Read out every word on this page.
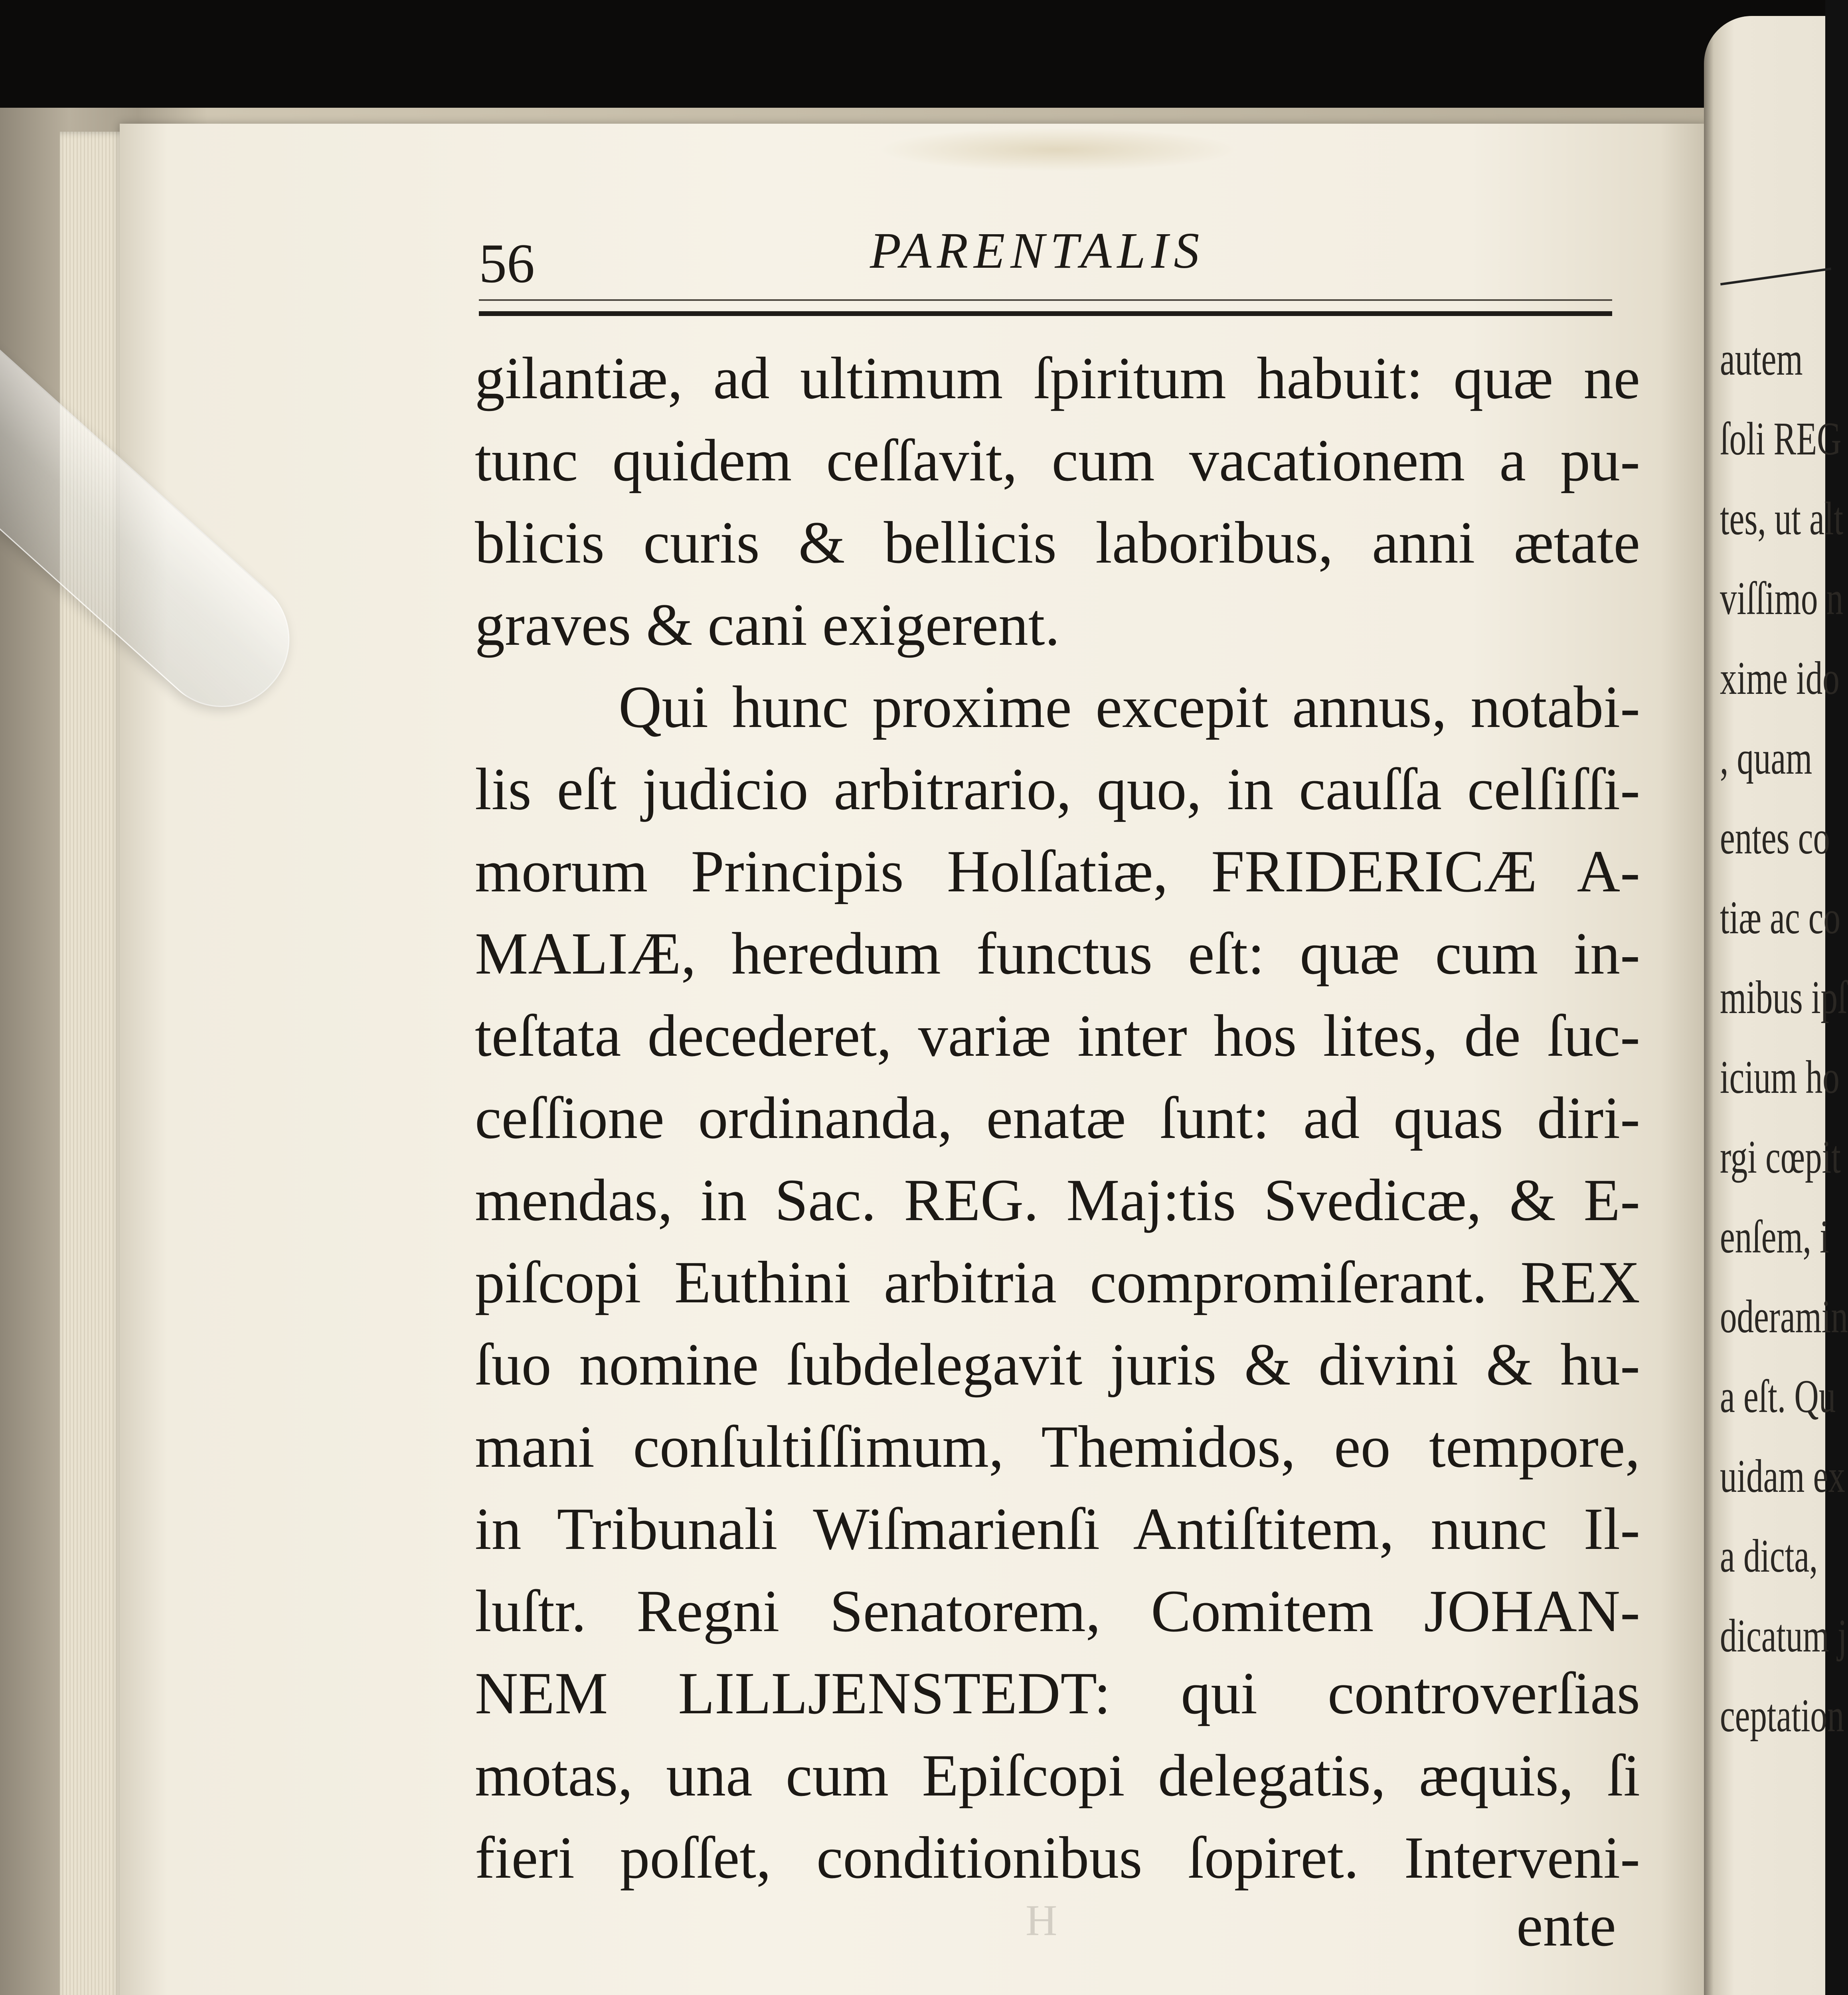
autem
ſoli REG
tes, ut alt
viſſimo n
xime ido
, quam
entes co
tiæ ac co
mibus ipſ
icium ho
rgi cœpit
enſem, i
oderamin
a eſt. Qu
uidam ex
a dicta,
dicatum j
ceptation
56	PARENTALIS
gilantiæ, ad ultimum ſpiritum habuit: quæ ne
tunc quidem ceſſavit, cum vacationem a pu-
blicis curis & bellicis laboribus, anni ætate
graves & cani exigerent.
Qui hunc proxime excepit annus, notabi-
lis eſt judicio arbitrario, quo, in cauſſa celſiſſi-
morum Principis Holſatiæ, FRIDERICÆ A-
MALIÆ, heredum functus eſt: quæ cum in-
teſtata decederet, variæ inter hos lites, de ſuc-
ceſſione ordinanda, enatæ ſunt: ad quas diri-
mendas, in Sac. REG. Maj:tis Svedicæ, & E-
piſcopi Euthini arbitria compromiſerant. REX
ſuo nomine ſubdelegavit juris & divini & hu-
mani conſultiſſimum, Themidos, eo tempore,
in Tribunali Wiſmarienſi Antiſtitem, nunc Il-
luſtr. Regni Senatorem, Comitem JOHAN-
NEM LILLJENSTEDT: qui controverſias
motas, una cum Epiſcopi delegatis, æquis, ſi
fieri poſſet, conditionibus ſopiret. Interveni-
H	ente
